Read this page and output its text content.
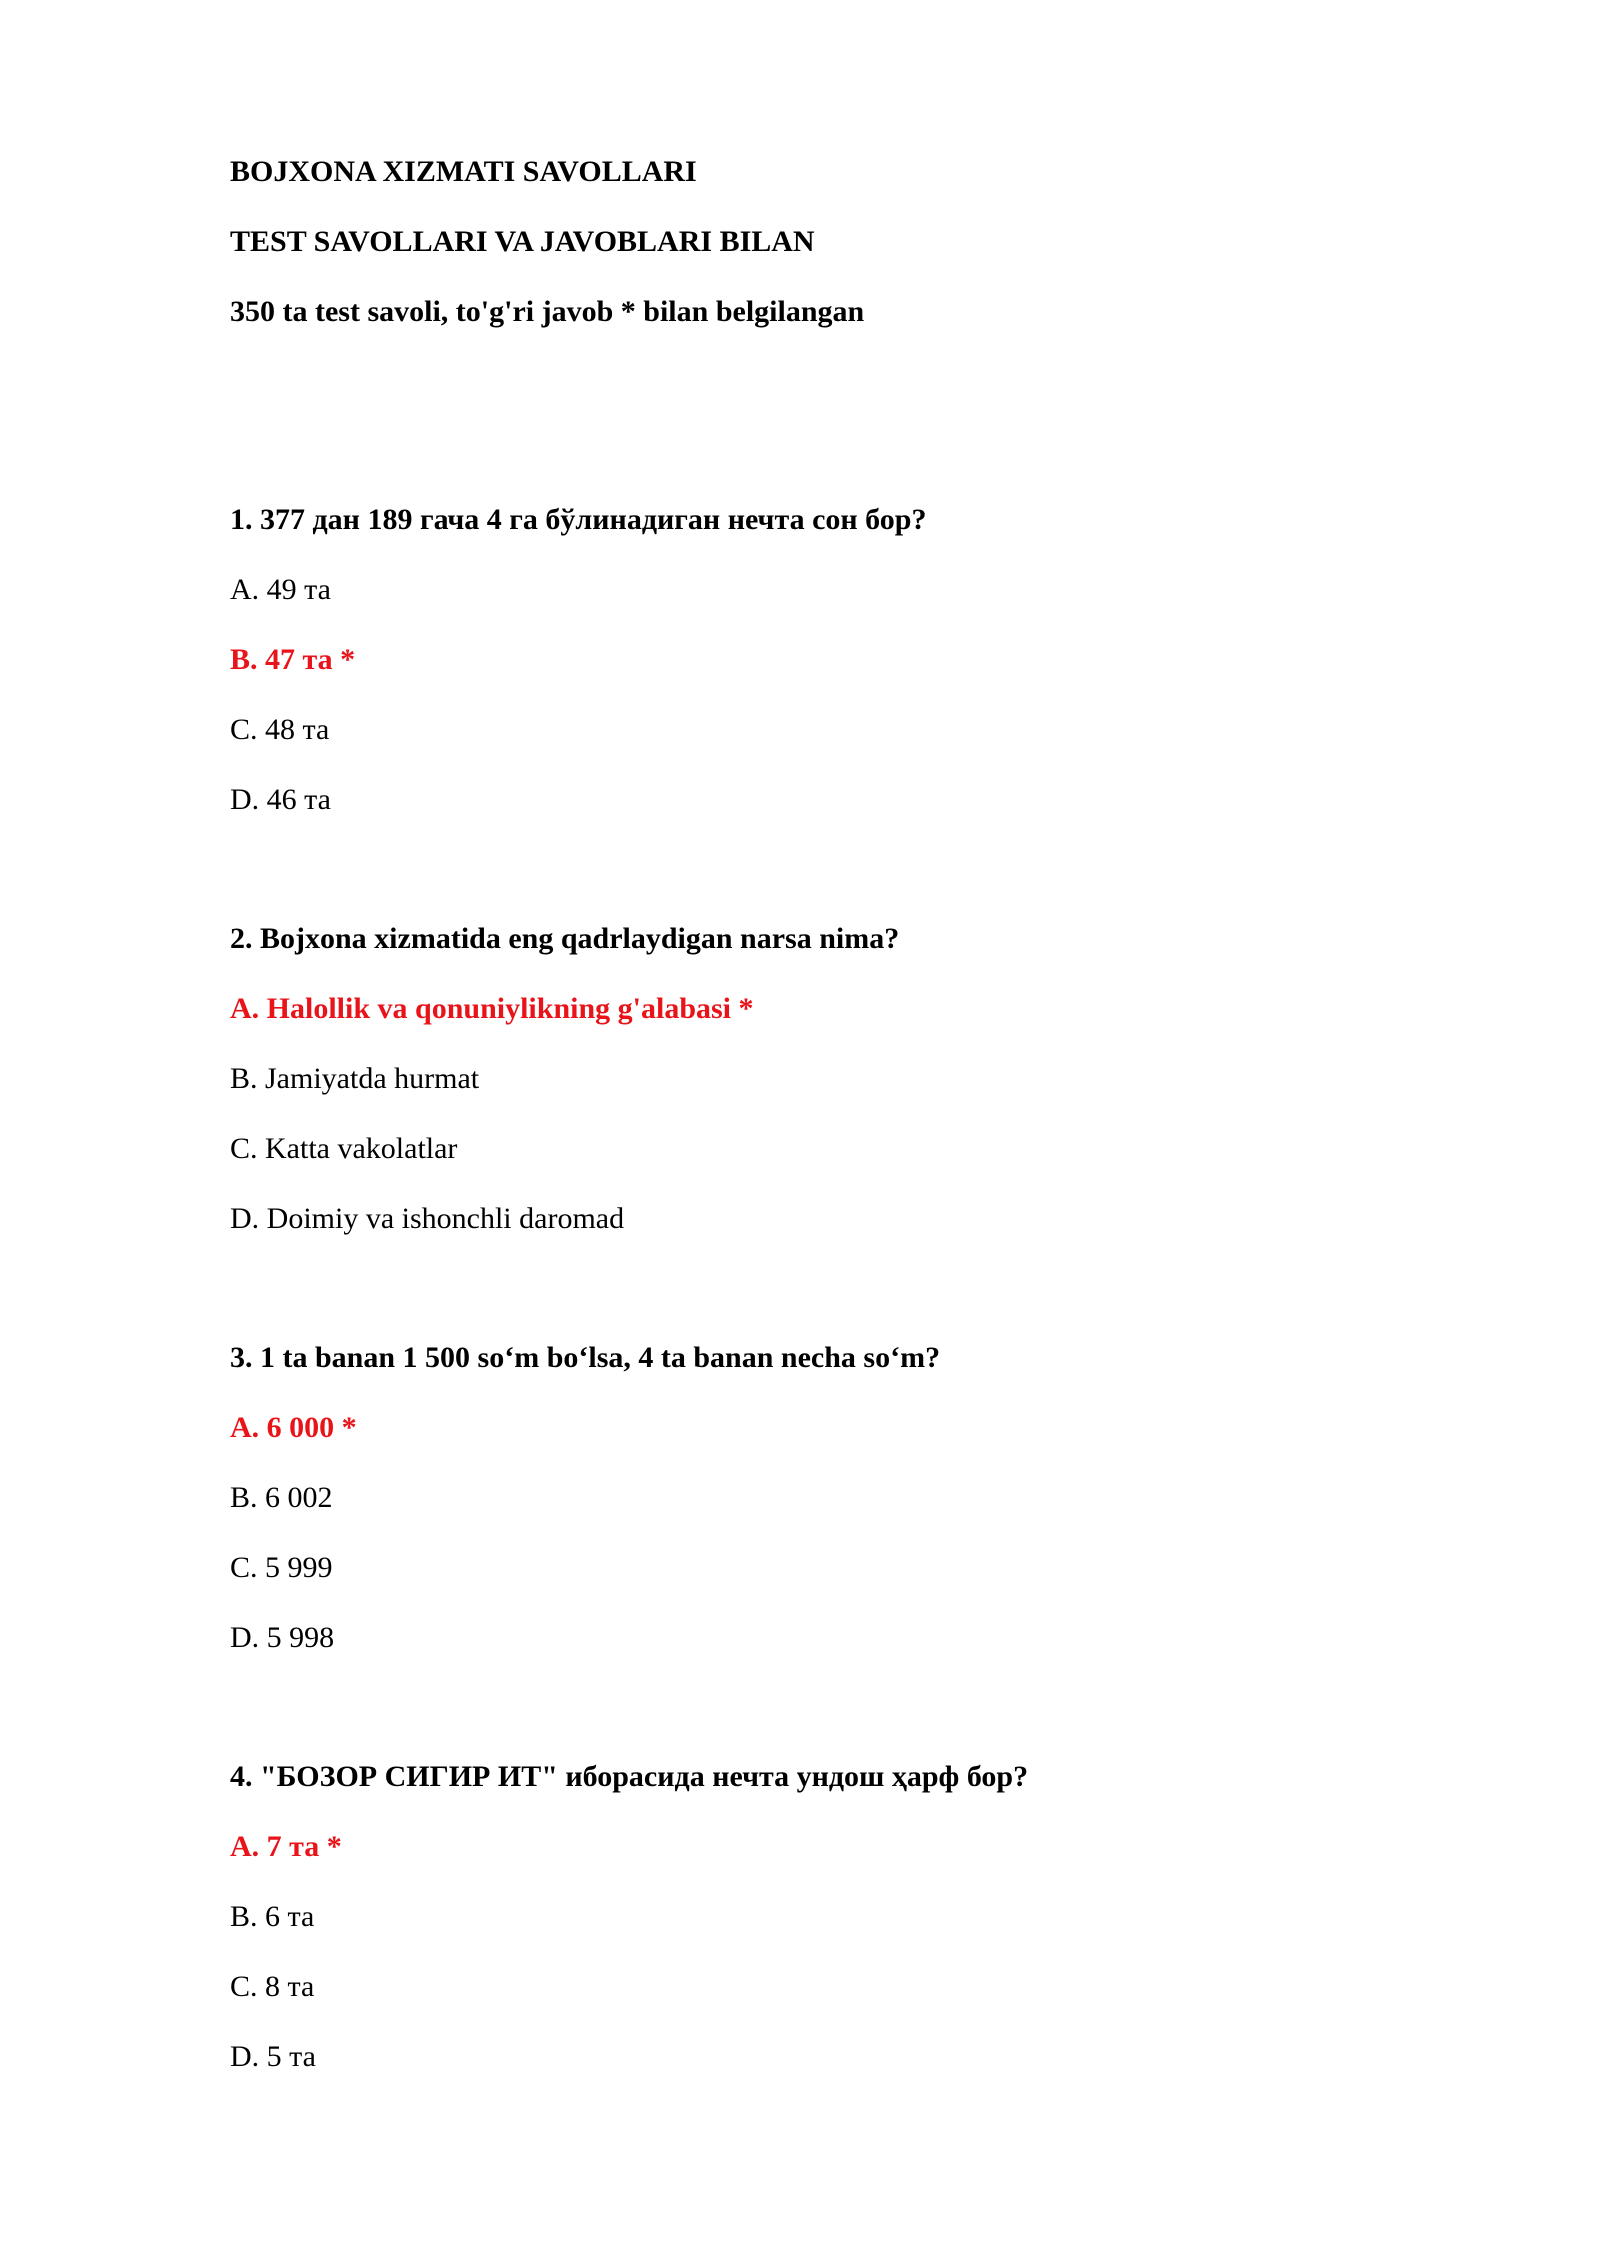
BOJXONA XIZMATI SAVOLLARI
TEST SAVOLLARI VA JAVOBLARI BILAN
350 ta test savoli, to'g'ri javob * bilan belgilangan
1. 377 дан 189 гача 4 га бўлинадиган нечта сон бор?
A. 49 та
B. 47 та *
C. 48 та
D. 46 та
2. Bojxona xizmatida eng qadrlaydigan narsa nima?
A. Halollik va qonuniylikning g'alabasi *
B. Jamiyatda hurmat
C. Katta vakolatlar
D. Doimiy va ishonchli daromad
3. 1 ta banan 1 500 so‘m bo‘lsa, 4 ta banan necha so‘m?
A. 6 000 *
B. 6 002
C. 5 999
D. 5 998
4. "БОЗОР СИГИР ИТ" иборасида нечта ундош ҳарф бор?
A. 7 та *
B. 6 та
C. 8 та
D. 5 та
